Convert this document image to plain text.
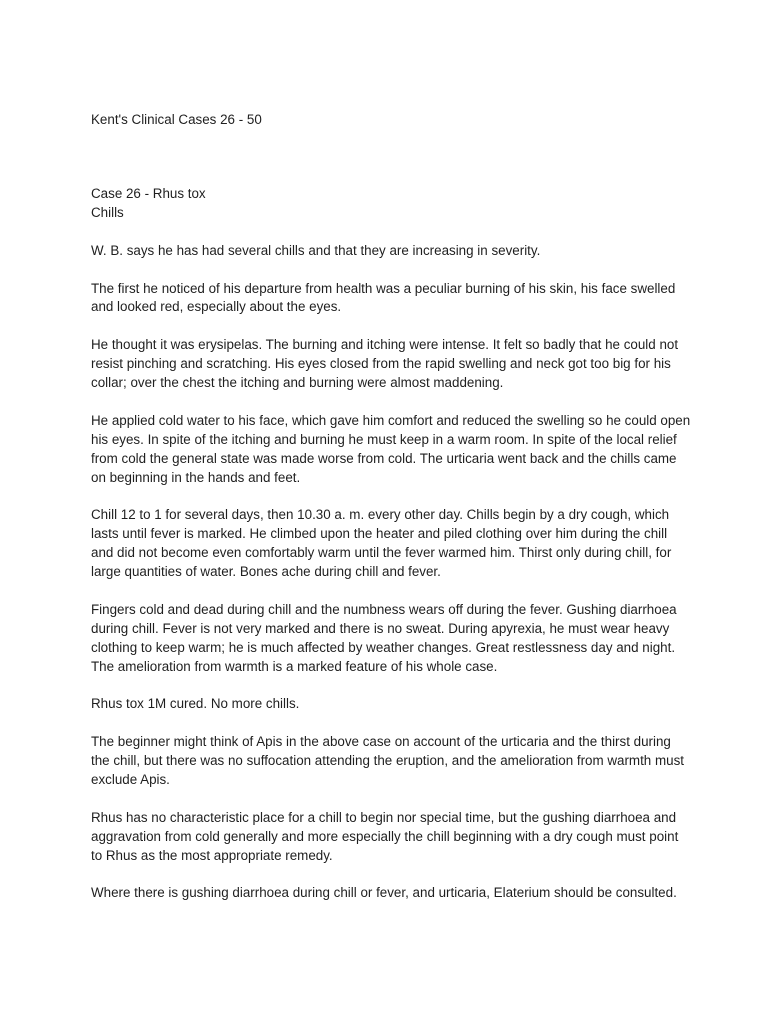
Kent's Clinical Cases 26 - 50
Case 26 - Rhus tox
Chills

W. B. says he has had several chills and that they are increasing in severity.

The first he noticed of his departure from health was a peculiar burning of his skin, his face swelled and looked red, especially about the eyes.

He thought it was erysipelas. The burning and itching were intense. It felt so badly that he could not resist pinching and scratching. His eyes closed from the rapid swelling and neck got too big for his collar; over the chest the itching and burning were almost maddening.

He applied cold water to his face, which gave him comfort and reduced the swelling so he could open his eyes. In spite of the itching and burning he must keep in a warm room. In spite of the local relief from cold the general state was made worse from cold. The urticaria went back and the chills came on beginning in the hands and feet.

Chill 12 to 1 for several days, then 10.30 a. m. every other day. Chills begin by a dry cough, which lasts until fever is marked. He climbed upon the heater and piled clothing over him during the chill and did not become even comfortably warm until the fever warmed him. Thirst only during chill, for large quantities of water. Bones ache during chill and fever.

Fingers cold and dead during chill and the numbness wears off during the fever. Gushing diarrhoea during chill. Fever is not very marked and there is no sweat. During apyrexia, he must wear heavy clothing to keep warm; he is much affected by weather changes. Great restlessness day and night. The amelioration from warmth is a marked feature of his whole case.

Rhus tox 1M cured. No more chills.

The beginner might think of Apis in the above case on account of the urticaria and the thirst during the chill, but there was no suffocation attending the eruption, and the amelioration from warmth must exclude Apis.

Rhus has no characteristic place for a chill to begin nor special time, but the gushing diarrhoea and aggravation from cold generally and more especially the chill beginning with a dry cough must point to Rhus as the most appropriate remedy.

Where there is gushing diarrhoea during chill or fever, and urticaria, Elaterium should be consulted.
